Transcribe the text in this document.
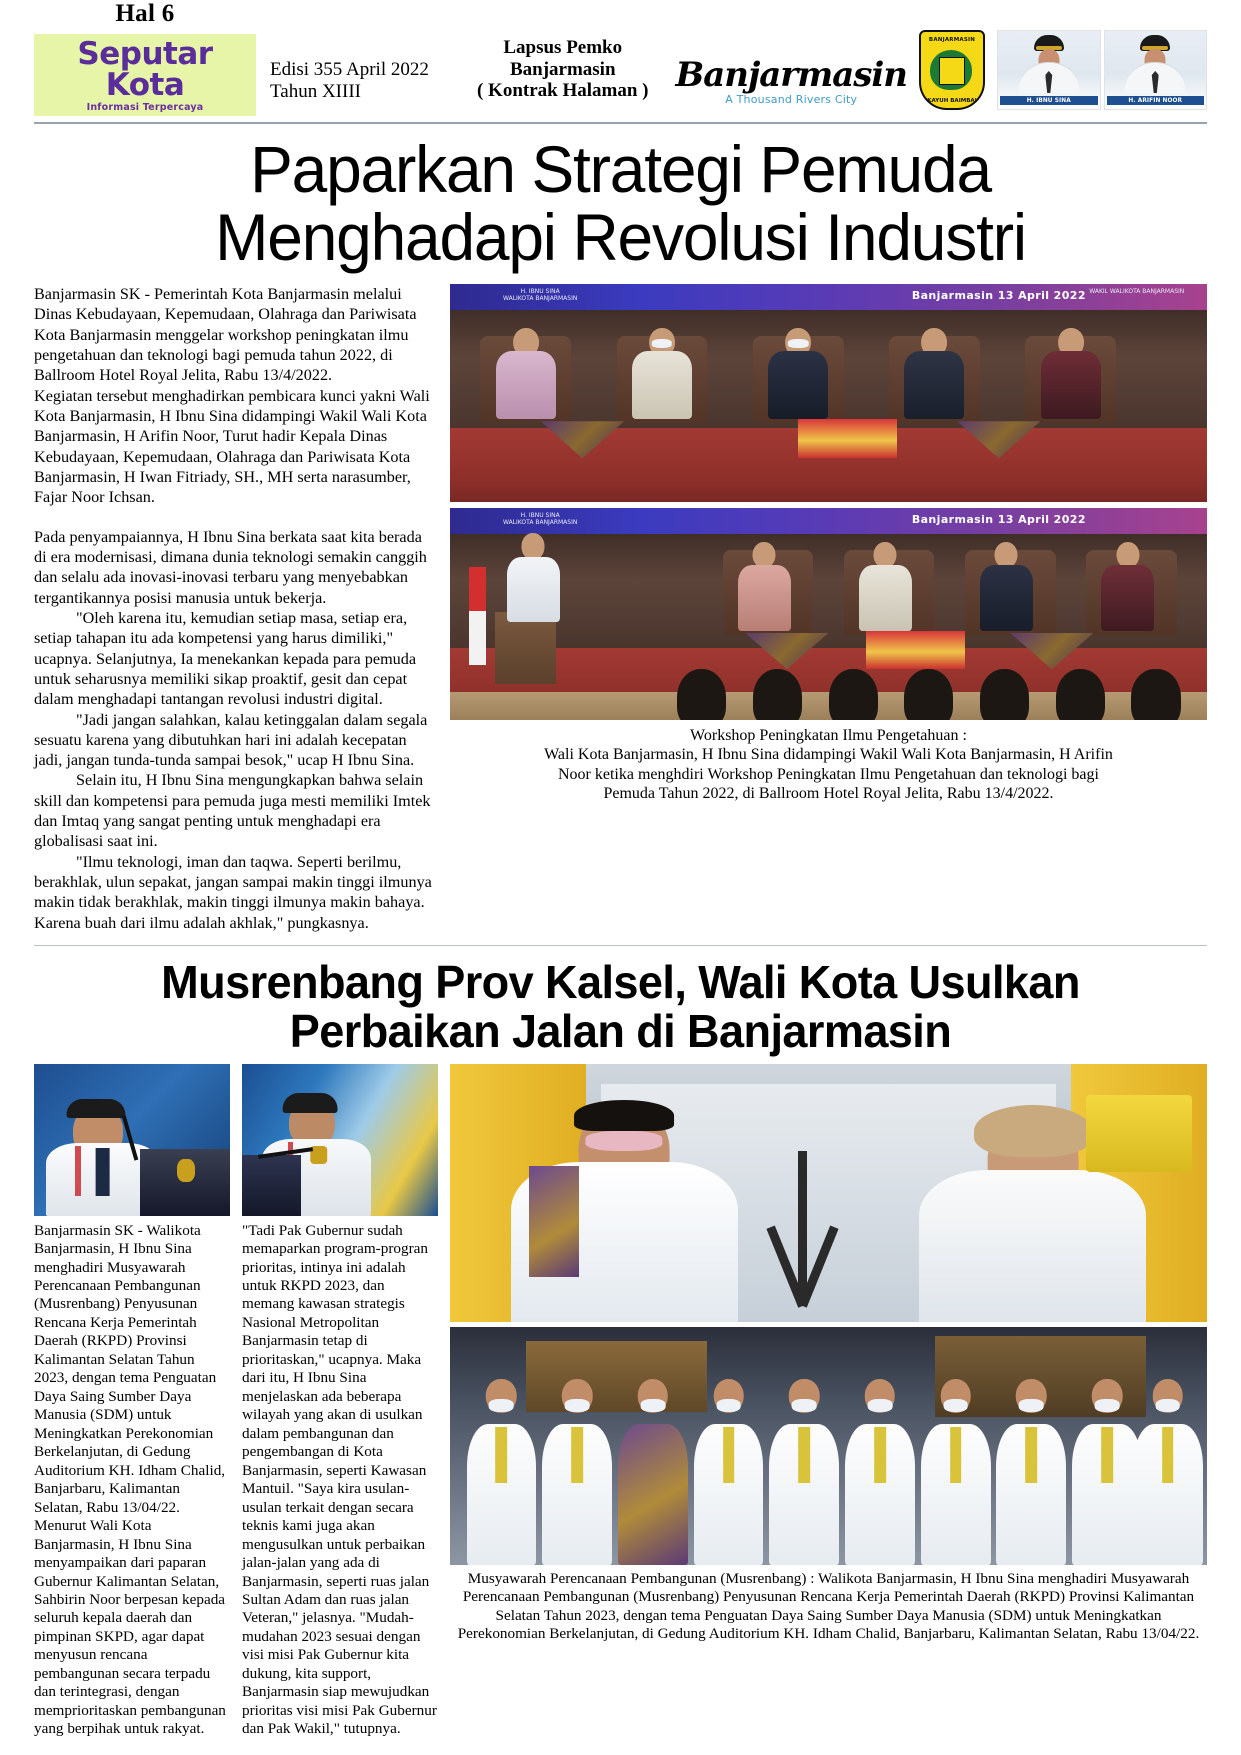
Hal 6
Seputar Kota
Informasi Terpercaya
Edisi 355 April 2022
Tahun XIIII
Lapsus Pemko
Banjarmasin
( Kontrak Halaman ) Banjarmasin
A Thousand Rivers City
BANJARMASIN
KAYUH BAIMBAI	H. IBNU SINA	H. ARIFIN NOOR
Paparkan Strategi Pemuda
Menghadapi Revolusi Industri

Banjarmasin SK - Pemerintah Kota Banjarmasin melalui Dinas Kebudayaan, Kepemudaan, Olahraga dan Pariwisata Kota Banjarmasin menggelar workshop peningkatan ilmu pengetahuan dan teknologi bagi pemuda tahun 2022, di Ballroom Hotel Royal Jelita, Rabu 13/4/2022.

Kegiatan tersebut menghadirkan pembicara kunci yakni Wali Kota Banjarmasin, H Ibnu Sina didampingi Wakil Wali Kota Banjarmasin, H Arifin Noor, Turut hadir Kepala Dinas Kebudayaan, Kepemudaan, Olahraga dan Pariwisata Kota Banjarmasin, H Iwan Fitriady, SH., MH serta narasumber, Fajar Noor Ichsan.

Pada penyampaiannya, H Ibnu Sina berkata saat kita berada di era modernisasi, dimana dunia teknologi semakin canggih dan selalu ada inovasi-inovasi terbaru yang menyebabkan tergantikannya posisi manusia untuk bekerja.

"Oleh karena itu, kemudian setiap masa, setiap era, setiap tahapan itu ada kompetensi yang harus dimiliki," ucapnya. Selanjutnya, Ia menekankan kepada para pemuda untuk seharusnya memiliki sikap proaktif, gesit dan cepat dalam menghadapi tantangan revolusi industri digital.

"Jadi jangan salahkan, kalau ketinggalan dalam segala sesuatu karena yang dibutuhkan hari ini adalah kecepatan jadi, jangan tunda-tunda sampai besok," ucap H Ibnu Sina.

Selain itu, H Ibnu Sina mengungkapkan bahwa selain skill dan kompetensi para pemuda juga mesti memiliki Imtek dan Imtaq yang sangat penting untuk menghadapi era globalisasi saat ini.

"Ilmu teknologi, iman dan taqwa. Seperti berilmu, berakhlak, ulun sepakat, jangan sampai makin tinggi ilmunya makin tidak berakhlak, makin tinggi ilmunya makin bahaya. Karena buah dari ilmu adalah akhlak," pungkasnya.

H. IBNU SINA
WALIKOTA BANJARMASIN	Banjarmasin 13 April 2022 WAKIL WALIKOTA BANJARMASIN
H. IBNU SINA
WALIKOTA BANJARMASIN	Banjarmasin 13 April 2022
Workshop Peningkatan Ilmu Pengetahuan :
Wali Kota Banjarmasin, H Ibnu Sina didampingi Wakil Wali Kota Banjarmasin, H Arifin
Noor ketika menghdiri Workshop Peningkatan Ilmu Pengetahuan dan teknologi bagi
Pemuda Tahun 2022, di Ballroom Hotel Royal Jelita, Rabu 13/4/2022.
Musrenbang Prov Kalsel, Wali Kota Usulkan
Perbaikan Jalan di Banjarmasin

Banjarmasin SK - Walikota Banjarmasin, H Ibnu Sina menghadiri Musyawarah Perencanaan Pembangunan (Musrenbang) Penyusunan Rencana Kerja Pemerintah Daerah (RKPD) Provinsi Kalimantan Selatan Tahun 2023, dengan tema Penguatan Daya Saing Sumber Daya Manusia (SDM) untuk Meningkatkan Perekonomian Berkelanjutan, di Gedung Auditorium KH. Idham Chalid, Banjarbaru, Kalimantan Selatan, Rabu 13/04/22. Menurut Wali Kota Banjarmasin, H Ibnu Sina menyampaikan dari paparan Gubernur Kalimantan Selatan, Sahbirin Noor berpesan kepada seluruh kepala daerah dan pimpinan SKPD, agar dapat menyusun rencana pembangunan secara terpadu dan terintegrasi, dengan memprioritaskan pembangunan yang berpihak untuk rakyat.

"Tadi Pak Gubernur sudah memaparkan program-progran prioritas, intinya ini adalah untuk RKPD 2023, dan memang kawasan strategis Nasional Metropolitan Banjarmasin tetap di prioritaskan," ucapnya. Maka dari itu, H Ibnu Sina menjelaskan ada beberapa wilayah yang akan di usulkan dalam pembangunan dan pengembangan di Kota Banjarmasin, seperti Kawasan Mantuil. "Saya kira usulan-usulan terkait dengan secara teknis kami juga akan mengusulkan untuk perbaikan jalan-jalan yang ada di Banjarmasin, seperti ruas jalan Sultan Adam dan ruas jalan Veteran," jelasnya. "Mudah-mudahan 2023 sesuai dengan visi misi Pak Gubernur kita dukung, kita support, Banjarmasin siap mewujudkan prioritas visi misi Pak Gubernur dan Pak Wakil," tutupnya.

Musyawarah Perencanaan Pembangunan (Musrenbang) : Walikota Banjarmasin, H Ibnu Sina menghadiri Musyawarah Perencanaan Pembangunan (Musrenbang) Penyusunan Rencana Kerja Pemerintah Daerah (RKPD) Provinsi Kalimantan Selatan Tahun 2023, dengan tema Penguatan Daya Saing Sumber Daya Manusia (SDM) untuk Meningkatkan Perekonomian Berkelanjutan, di Gedung Auditorium KH. Idham Chalid, Banjarbaru, Kalimantan Selatan, Rabu 13/04/22.
